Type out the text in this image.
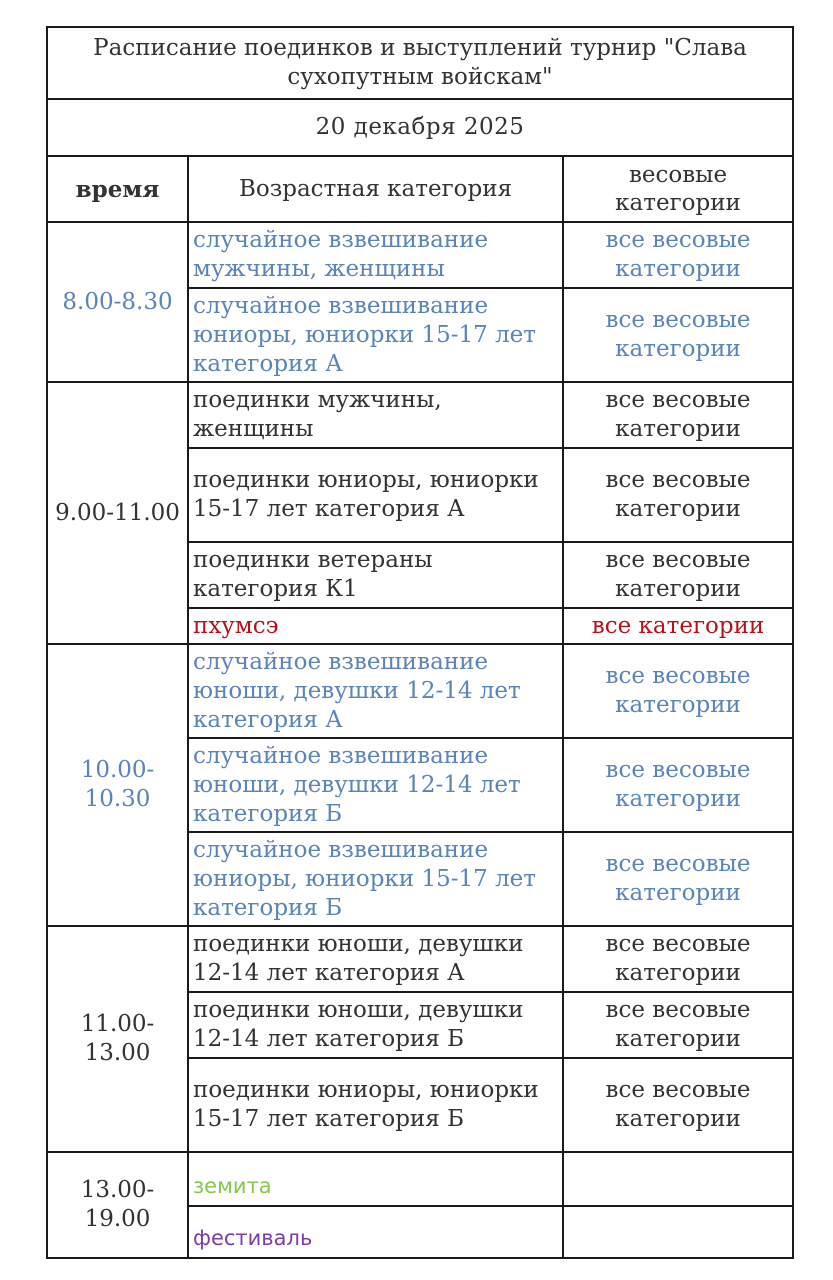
Расписание поединков и выступлений турнир "Слава сухопутным войскам"		
20 декабря 2025		
время	Возрастная категория	весовые категории
8.00-8.30	случайное взвешивание мужчины, женщины	все весовые категории
	случайное взвешивание юниоры, юниорки 15-17 лет категория А	все весовые категории
9.00-11.00	поединки мужчины, женщины	все весовые категории
	поединки юниоры, юниорки 15-17 лет категория А	все весовые категории
	поединки ветераны категория К1	все весовые категории
	пхумсэ	все категории
10.00-10.30	случайное взвешивание юноши, девушки 12-14 лет категория А	все весовые категории
	случайное взвешивание юноши, девушки 12-14 лет категория Б	все весовые категории
	случайное взвешивание юниоры, юниорки 15-17 лет категория Б	все весовые категории
11.00-13.00	поединки юноши, девушки 12-14 лет категория А	все весовые категории
	поединки юноши, девушки 12-14 лет категория Б	все весовые категории
	поединки юниоры, юниорки 15-17 лет категория Б	все весовые категории
13.00-19.00	земита	
	фестиваль	
